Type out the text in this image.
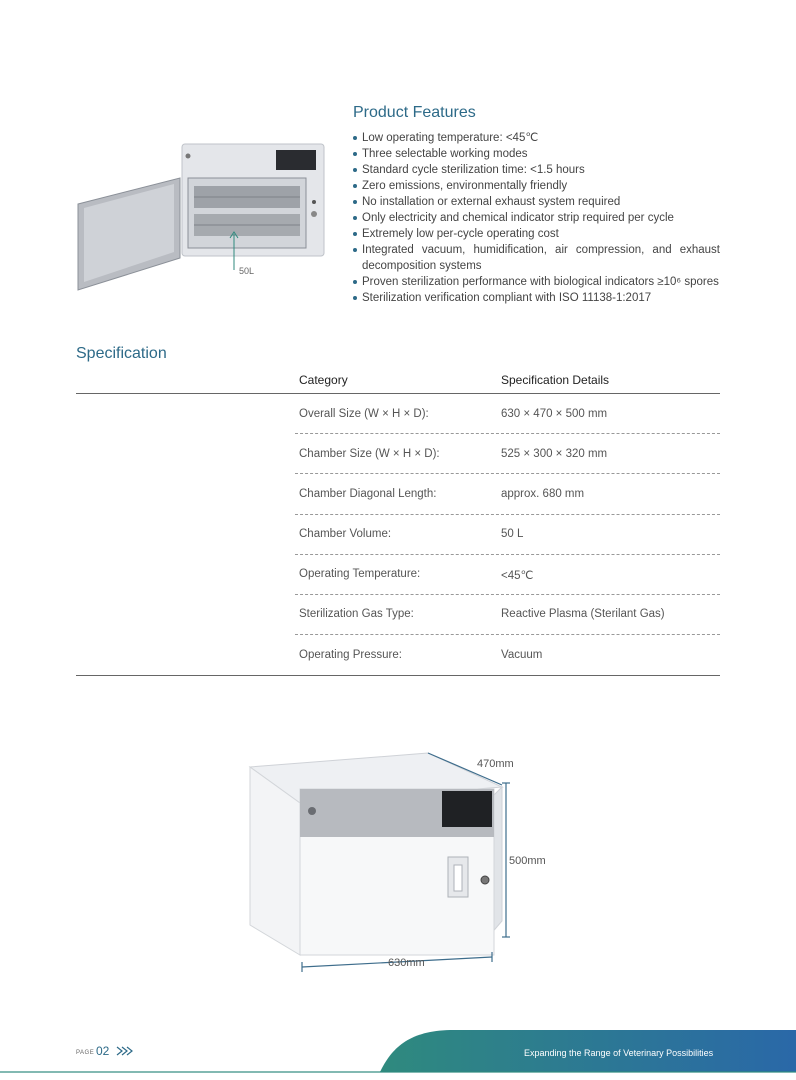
50L
Product Features
Low operating temperature: <45℃
Three selectable working modes
Standard cycle sterilization time: <1.5 hours
Zero emissions, environmentally friendly
No installation or external exhaust system required
Only electricity and chemical indicator strip required per cycle
Extremely low per-cycle operating cost
Integrated vacuum, humidification, air compression, and exhaust decomposition systems
Proven sterilization performance with biological indicators ≥10⁶ spores
Sterilization verification compliant with ISO 11138-1:2017
Specification
Category	Specification Details
Overall Size (W × H × D):	630 × 470 × 500 mm
Chamber Size (W × H × D):	525 × 300 × 320 mm
Chamber Diagonal Length:	approx. 680 mm
Chamber Volume:	50 L
Operating Temperature:	<45℃
Sterilization Gas Type:	Reactive Plasma (Sterilant Gas)
Operating Pressure:	Vacuum
470mm
500mm
630mm
PAGE 02	Expanding the Range of Veterinary Possibilities
